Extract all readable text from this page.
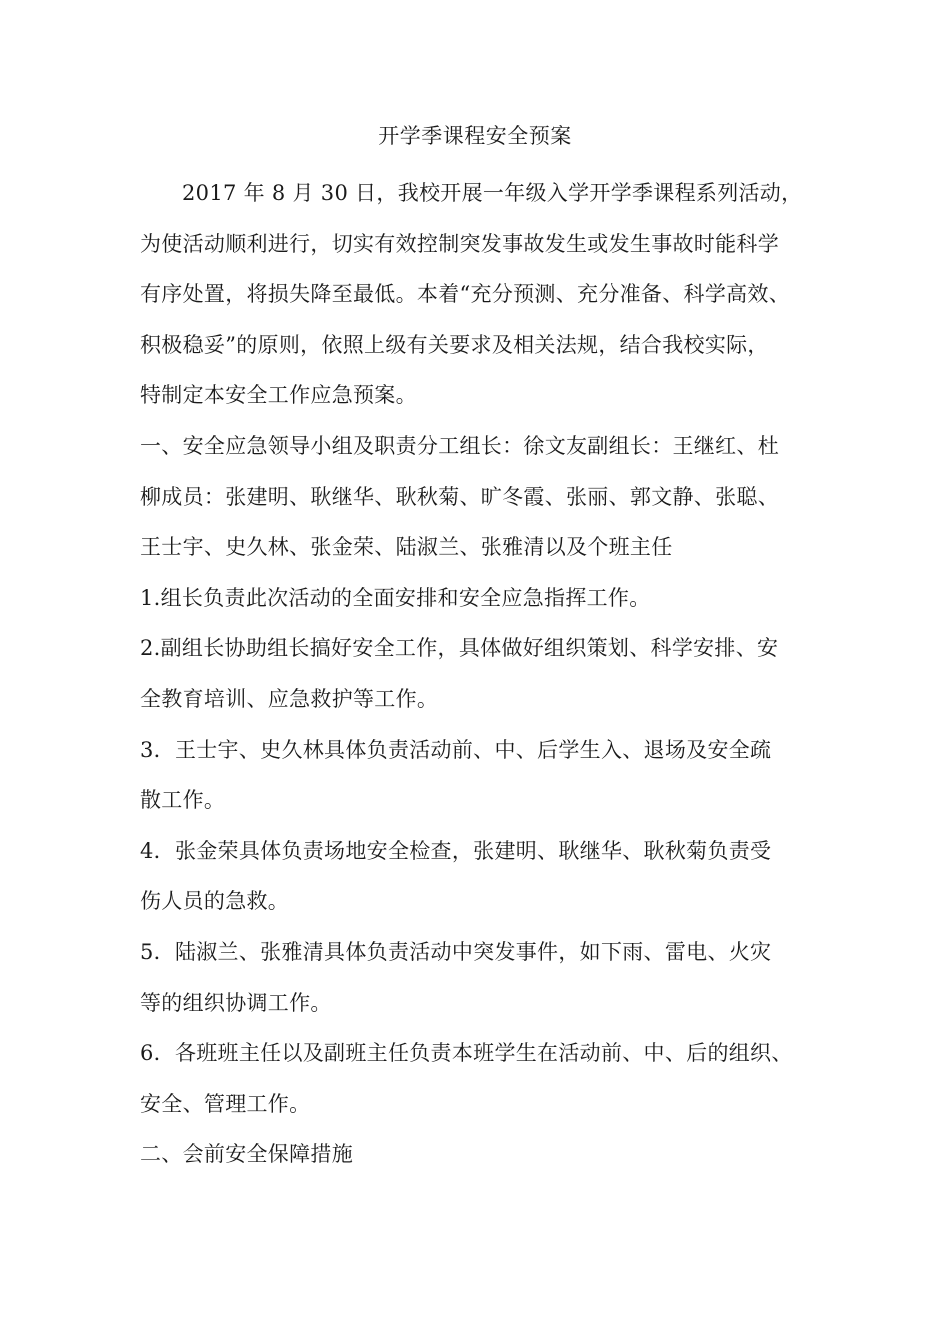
开学季课程安全预案
2017 年 8 月 30 日，我校开展一年级入学开学季课程系列活动，
为使活动顺利进行，切实有效控制突发事故发生或发生事故时能科学
有序处置，将损失降至最低。本着“充分预测、充分准备、科学高效、
积极稳妥”的原则，依照上级有关要求及相关法规，结合我校实际，
特制定本安全工作应急预案。
一、安全应急领导小组及职责分工组长：徐文友副组长：王继红、杜
柳成员：张建明、耿继华、耿秋菊、旷冬霞、张丽、郭文静、张聪、
王士宇、史久林、张金荣、陆淑兰、张雅清以及个班主任
1.组长负责此次活动的全面安排和安全应急指挥工作。
2.副组长协助组长搞好安全工作，具体做好组织策划、科学安排、安
全教育培训、应急救护等工作。
3．王士宇、史久林具体负责活动前、中、后学生入、退场及安全疏
散工作。
4．张金荣具体负责场地安全检查，张建明、耿继华、耿秋菊负责受
伤人员的急救。
5．陆淑兰、张雅清具体负责活动中突发事件，如下雨、雷电、火灾
等的组织协调工作。
6．各班班主任以及副班主任负责本班学生在活动前、中、后的组织、
安全、管理工作。
二、会前安全保障措施
